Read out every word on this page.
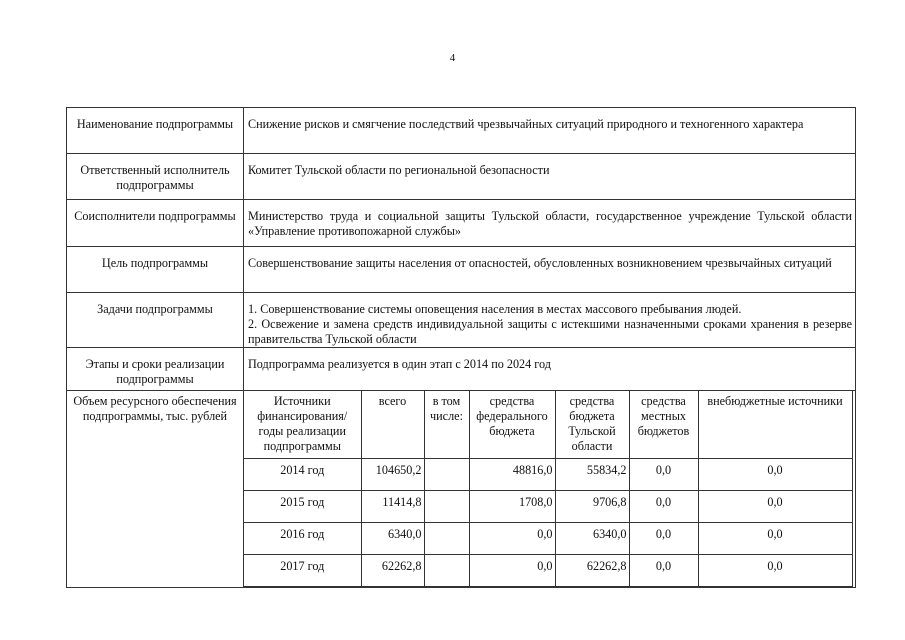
4
Наименование подпрограммы	Снижение рисков и смягчение последствий чрезвычайных ситуаций природного и техногенного характера
Ответственный исполнитель подпрограммы	Комитет Тульской области по региональной безопасности
Соисполнители подпрограммы	Министерство труда и социальной защиты Тульской области, государственное учреждение Тульской области «Управление противопожарной службы»
Цель подпрограммы	Совершенствование защиты населения от опасностей, обусловленных возникновением чрезвычайных ситуаций
Задачи подпрограммы	1. Совершенствование системы оповещения населения в местах массового пребывания людей.
2. Освежение и замена средств индивидуальной защиты с истекшими назначенными сроками хранения в резерве правительства Тульской области

Этапы и сроки реализации подпрограммы	Подпрограмма реализуется в один этап с 2014 по 2024 год
Объем ресурсного обеспечения подпрограммы, тыс. рублей	
Источники финансирования/ годы реализации подпрограммы	всего	в том числе:	средства федерального бюджета	средства бюджета Тульской области	средства местных бюджетов	внебюджетные источники
2014 год	104650,2		48816,0	55834,2	0,0	0,0
2015 год	11414,8		1708,0	9706,8	0,0	0,0
2016 год	6340,0		0,0	6340,0	0,0	0,0
2017 год	62262,8		0,0	62262,8	0,0	0,0
